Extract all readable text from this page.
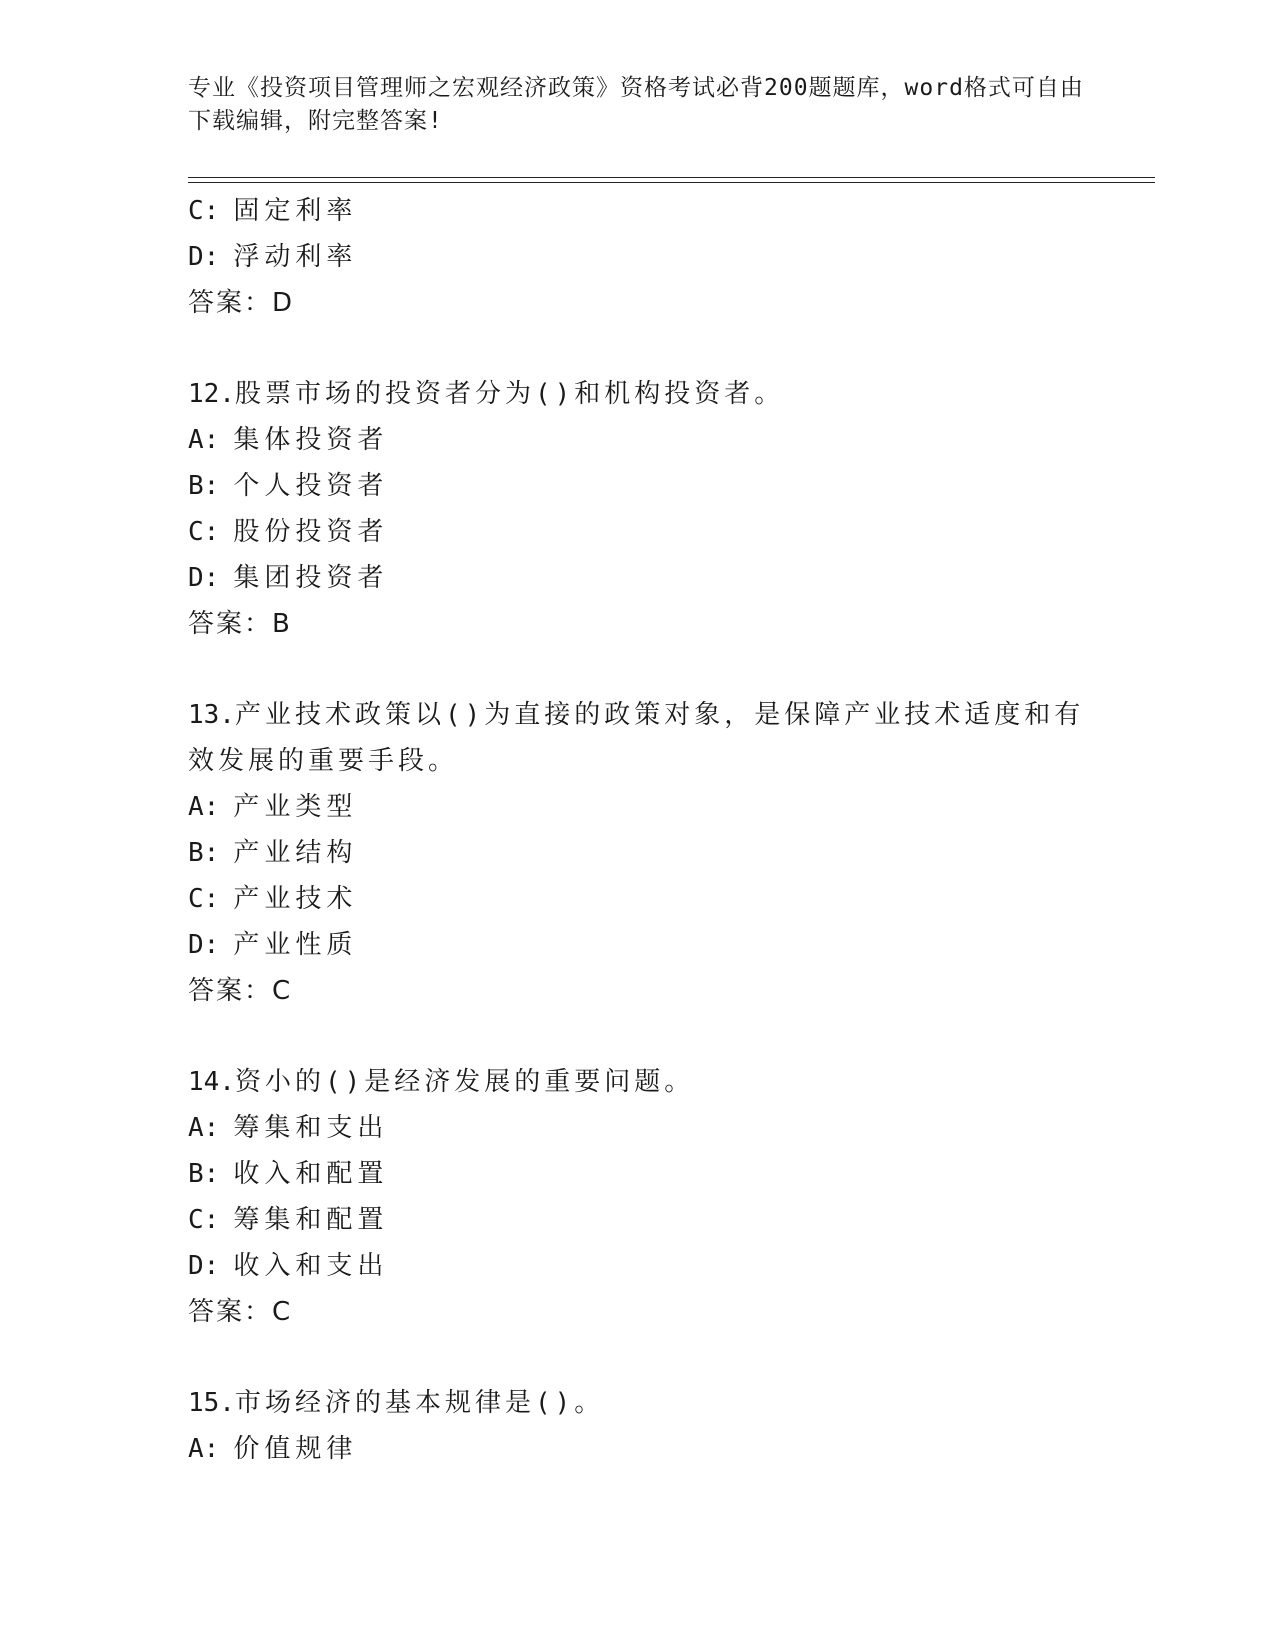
专业《投资项目管理师之宏观经济政策》资格考试必背200题题库，word格式可自由下载编辑，附完整答案!
C: 固定利率
D: 浮动利率
答案：D
12.股票市场的投资者分为()和机构投资者。
A: 集体投资者
B: 个人投资者
C: 股份投资者
D: 集团投资者
答案：B
13.产业技术政策以()为直接的政策对象，是保障产业技术适度和有效发展的重要手段。
A: 产业类型
B: 产业结构
C: 产业技术
D: 产业性质
答案：C
14.资小的()是经济发展的重要问题。
A: 筹集和支出
B: 收入和配置
C: 筹集和配置
D: 收入和支出
答案：C
15.市场经济的基本规律是()。
A: 价值规律
